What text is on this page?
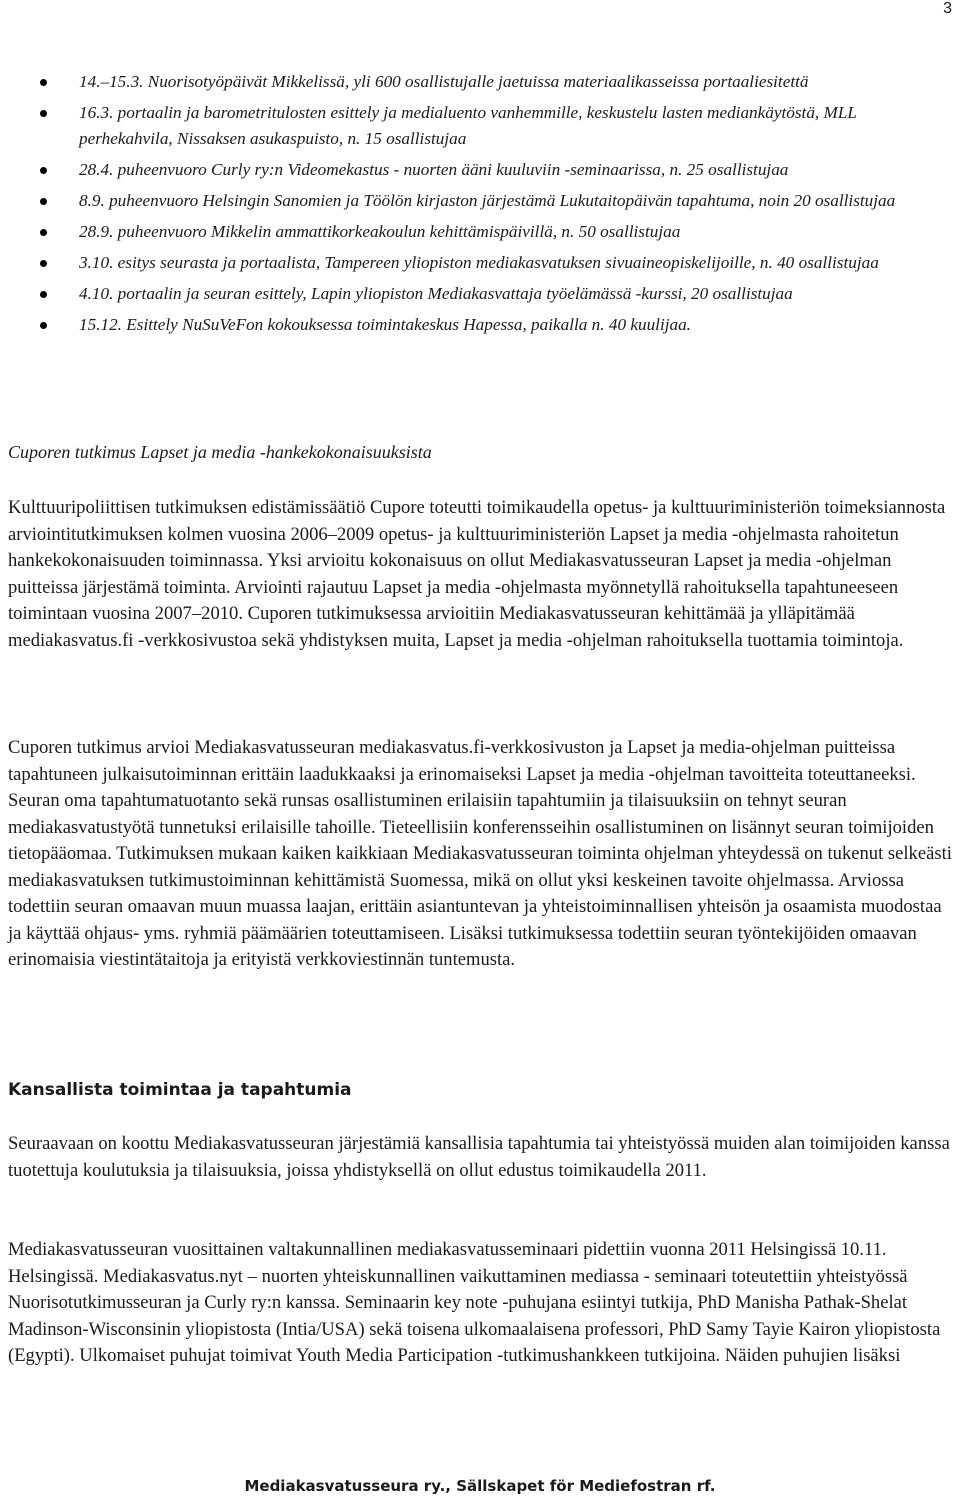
3
14.–15.3. Nuorisotyöpäivät Mikkelissä, yli 600 osallistujalle jaetuissa materiaalikasseissa portaaliesitettä
16.3. portaalin ja barometritulosten esittely ja medialuento vanhemmille, keskustelu lasten mediankäytöstä, MLL perhekahvila, Nissaksen asukaspuisto, n. 15 osallistujaa
28.4. puheenvuoro Curly ry:n Videomekastus - nuorten ääni kuuluviin -seminaarissa, n. 25 osallistujaa
8.9. puheenvuoro Helsingin Sanomien ja Töölön kirjaston järjestämä Lukutaitopäivän tapahtuma, noin 20 osallistujaa
28.9. puheenvuoro Mikkelin ammattikorkeakoulun kehittämispäivillä, n. 50 osallistujaa
3.10. esitys seurasta ja portaalista, Tampereen yliopiston mediakasvatuksen sivuaineopiskelijoille, n. 40 osallistujaa
4.10. portaalin ja seuran esittely, Lapin yliopiston Mediakasvattaja työelämässä -kurssi, 20 osallistujaa
15.12. Esittely NuSuVeFon kokouksessa toimintakeskus Hapessa, paikalla n. 40 kuulijaa.
Cuporen tutkimus Lapset ja media -hankekokonaisuuksista

Kulttuuripoliittisen tutkimuksen edistämissäätiö Cupore toteutti toimikaudella opetus- ja kulttuuriministeriön toimeksiannosta arviointitutkimuksen kolmen vuosina 2006–2009 opetus- ja kulttuuriministeriön Lapset ja media -ohjelmasta rahoitetun hankekokonaisuuden toiminnassa. Yksi arvioitu kokonaisuus on ollut Mediakasvatusseuran Lapset ja media -ohjelman puitteissa järjestämä toiminta. Arviointi rajautuu Lapset ja media -ohjelmasta myönnetyllä rahoituksella tapahtuneeseen toimintaan vuosina 2007–2010. Cuporen tutkimuksessa arvioitiin Mediakasvatusseuran kehittämää ja ylläpitämää mediakasvatus.fi -verkkosivustoa sekä yhdistyksen muita, Lapset ja media -ohjelman rahoituksella tuottamia toimintoja.

Cuporen tutkimus arvioi Mediakasvatusseuran mediakasvatus.fi-verkkosivuston ja Lapset ja media-ohjelman puitteissa tapahtuneen julkaisutoiminnan erittäin laadukkaaksi ja erinomaiseksi Lapset ja media -ohjelman tavoitteita toteuttaneeksi. Seuran oma tapahtumatuotanto sekä runsas osallistuminen erilaisiin tapahtumiin ja tilaisuuksiin on tehnyt seuran mediakasvatustyötä tunnetuksi erilaisille tahoille. Tieteellisiin konferensseihin osallistuminen on lisännyt seuran toimijoiden tietopääomaa. Tutkimuksen mukaan kaiken kaikkiaan Mediakasvatusseuran toiminta ohjelman yhteydessä on tukenut selkeästi mediakasvatuksen tutkimustoiminnan kehittämistä Suomessa, mikä on ollut yksi keskeinen tavoite ohjelmassa. Arviossa todettiin seuran omaavan muun muassa laajan, erittäin asiantuntevan ja yhteistoiminnallisen yhteisön ja osaamista muodostaa ja käyttää ohjaus- yms. ryhmiä päämäärien toteuttamiseen. Lisäksi tutkimuksessa todettiin seuran työntekijöiden omaavan erinomaisia viestintätaitoja ja erityistä verkkoviestinnän tuntemusta.

Kansallista toimintaa ja tapahtumia

Seuraavaan on koottu Mediakasvatusseuran järjestämiä kansallisia tapahtumia tai yhteistyössä muiden alan toimijoiden kanssa tuotettuja koulutuksia ja tilaisuuksia, joissa yhdistyksellä on ollut edustus toimikaudella 2011.

Mediakasvatusseuran vuosittainen valtakunnallinen mediakasvatusseminaari pidettiin vuonna 2011 Helsingissä 10.11. Helsingissä. Mediakasvatus.nyt – nuorten yhteiskunnallinen vaikuttaminen mediassa - seminaari toteutettiin yhteistyössä Nuorisotutkimusseuran ja Curly ry:n kanssa. Seminaarin key note -puhujana esiintyi tutkija, PhD Manisha Pathak-Shelat Madinson-Wisconsinin yliopistosta (Intia/USA) sekä toisena ulkomaalaisena professori, PhD Samy Tayie Kairon yliopistosta (Egypti). Ulkomaiset puhujat toimivat Youth Media Participation -tutkimushankkeen tutkijoina. Näiden puhujien lisäksi

Mediakasvatusseura ry., Sällskapet för Mediefostran rf.
